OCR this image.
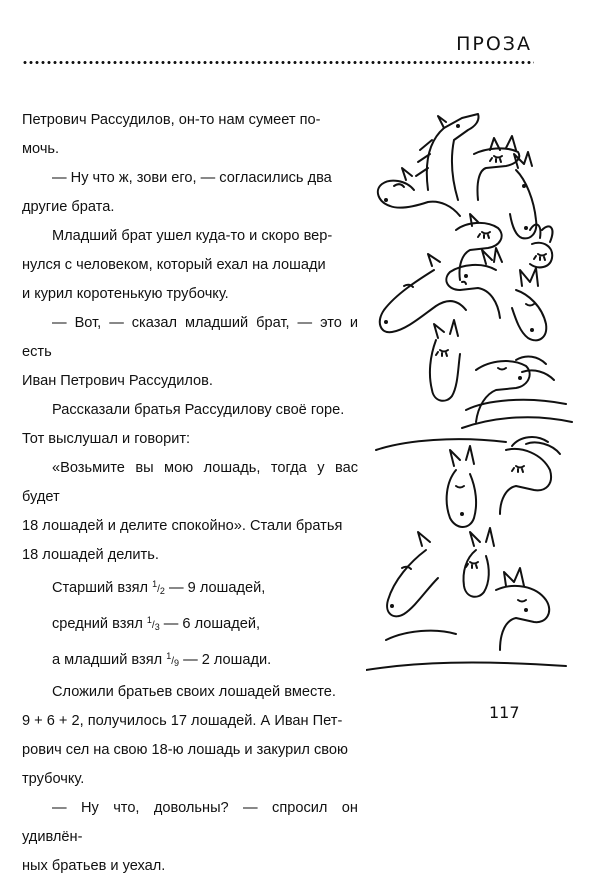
ПРОЗА

Петрович Рассудилов, он-то нам сумеет по-

мочь.

— Ну что ж, зови его, — согласились два

другие брата.

Младший брат ушел куда-то и скоро вер-

нулся с человеком, который ехал на лошади

и курил коротенькую трубочку.

— Вот, — сказал младший брат, — это и есть

Иван Петрович Рассудилов.

Рассказали братья Рассудилову своё горе.

Тот выслушал и говорит:

«Возьмите вы мою лошадь, тогда у вас будет

18 лошадей и делите спокойно». Стали братья

18 лошадей делить.

Старший взял $^1/_2$ — 9 лошадей,

средний взял $^1/_3$ — 6 лошадей,

а младший взял $^1/_9$ — 2 лошади.

Сложили братьев своих лошадей вместе.

9 + 6 + 2, получилось 17 лошадей. А Иван Пет-

рович сел на свою 18-ю лошадь и закурил свою

трубочку.

— Ну что, довольны? — спросил он удивлён-

ных братьев и уехал.

117
